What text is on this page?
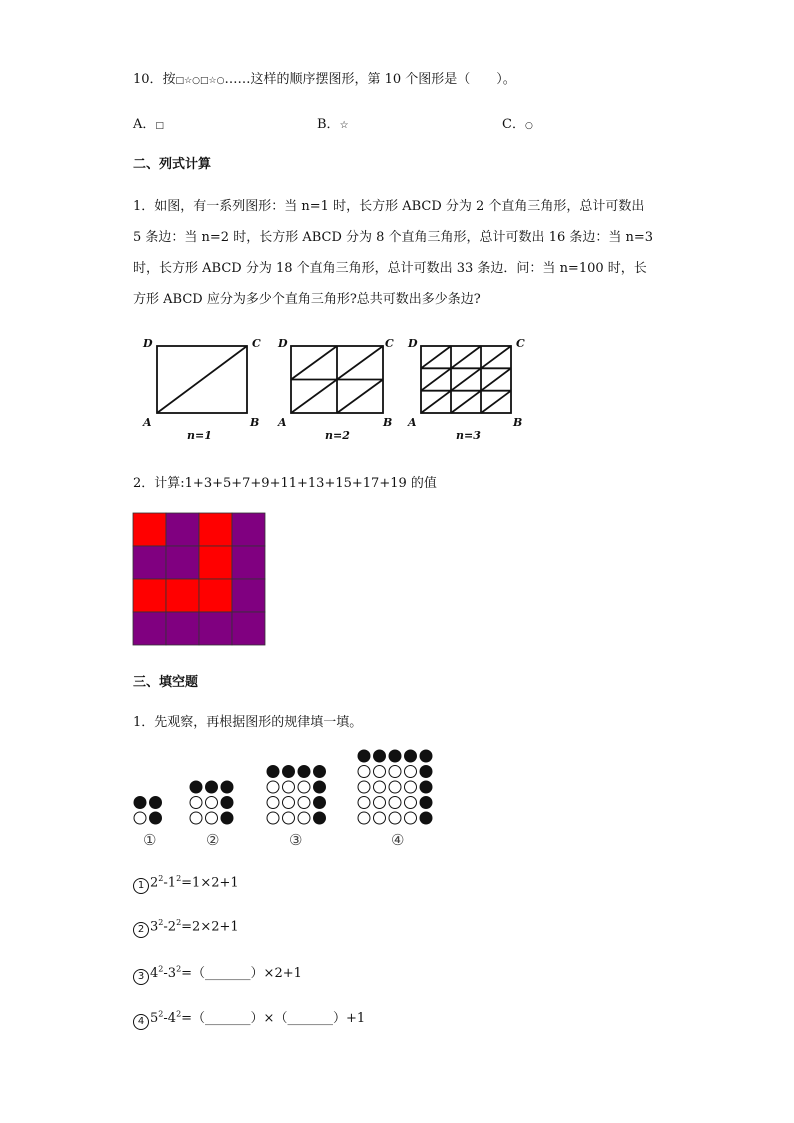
10．按□☆○□☆○……这样的顺序摆图形，第 10 个图形是（　　）。
A．□	B．☆	C．○
二、列式计算
1．如图，有一系列图形：当 n=1 时，长方形 ABCD 分为 2 个直角三角形，总计可数出
5 条边：当 n=2 时，长方形 ABCD 分为 8 个直角三角形，总计可数出 16 条边：当 n=3
时，长方形 ABCD 分为 18 个直角三角形，总计可数出 33 条边．问：当 n=100 时，长
方形 ABCD 应分为多少个直角三角形?总共可数出多少条边?
D	C
A	B
n=1
D	C
A	B
n=2
D	C
A	B
n=3
2．计算:1+3+5+7+9+11+13+15+17+19 的值
三、填空题
1．先观察，再根据图形的规律填一填。
①	②	③	④
1 $2^2-1^2=1\times 2+1$
2 $3^2-2^2=2\times 2+1$
3 $4^2-3^2=(\_\_\_\_\_\_\_)\times 2+1$
4 $5^2-4^2=(\_\_\_\_\_\_\_)\times(\_\_\_\_\_\_\_)+1$
